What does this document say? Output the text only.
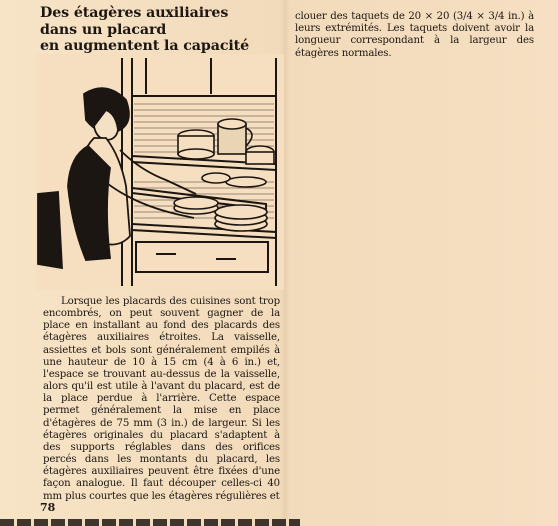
Des étagères auxiliaires
dans un placard
en augmentent la capacité

Lorsque les placards des cuisines sont trop encombrés, on peut souvent gagner de la place en installant au fond des placards des étagères auxiliaires étroites. La vaisselle, assiettes et bols sont généralement empilés à une hauteur de 10 à 15 cm (4 à 6 in.) et, l'espace se trouvant au-dessus de la vaisselle, alors qu'il est utile à l'avant du placard, est de la place perdue à l'arrière. Cette espace permet généralement la mise en place d'étagères de 75 mm (3 in.) de largeur. Si les étagères originales du placard s'adaptent à des supports réglables dans des orifices percés dans les montants du placard, les étagères auxiliaires peuvent être fixées d'une façon analogue. Il faut découper celles-ci 40 mm plus courtes que les étagères régulières et

clouer des taquets de 20 × 20 (3/4 × 3/4 in.) à leurs extrémités. Les taquets doivent avoir la longueur correspondant à la largeur des étagères normales.

78
